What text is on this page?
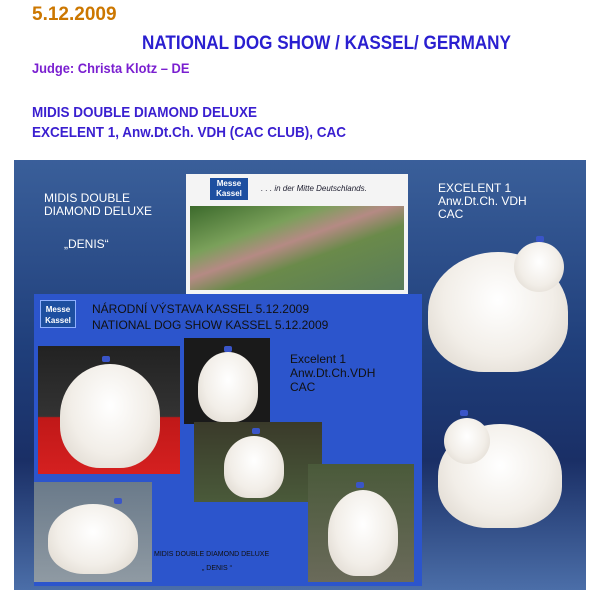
5.12.2009
NATIONAL DOG SHOW / KASSEL/ GERMANY
Judge: Christa Klotz – DE
MIDIS DOUBLE DIAMOND DELUXE
EXCELENT 1, Anw.Dt.Ch. VDH (CAC CLUB), CAC
MIDIS DOUBLE
DIAMOND DELUXE
„DENIS“
Messe
Kassel
. . . in der Mitte Deutschlands.	EXCELENT 1
Anw.Dt.Ch. VDH
CAC
Messe
Kassel
NÁRODNÍ VÝSTAVA KASSEL 5.12.2009
NATIONAL DOG SHOW KASSEL 5.12.2009
Excelent 1
Anw.Dt.Ch.VDH
CAC
MIDIS DOUBLE DIAMOND DELUXE
„ DENIS “
